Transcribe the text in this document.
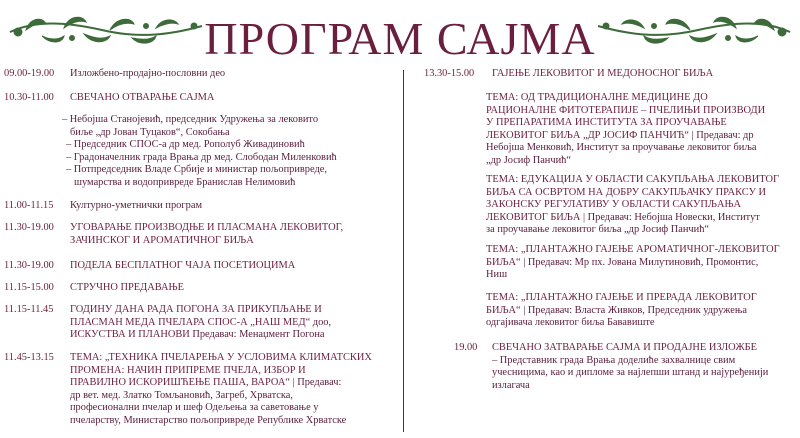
ПРОГРАМ САЈМА
09.00-19.00 Изложбено-продајно-пословни део
10.30-11.00 СВЕЧАНО ОТВАРАЊЕ САЈМА
– Небојша Станојевић, председник Удружења за лековито
биље „др Јован Туцаков“, Сокобања
– Председник СПОС-а др мед. Рополуб Живадиновић
– Градоначелник града Врања др мед. Слободан Миленковић
– Потпредседник Владе Србије и министар пољопривреде,
шумарства и водопривреде Бранислав Нелимовић
11.00-11.15 Културно-уметнички програм
11.30-19.00 УГОВАРАЊЕ ПРОИЗВОДЊЕ И ПЛАСМАНА ЛЕКОВИТОГ,
ЗАЧИНСКОГ И АРОМАТИЧНОГ БИЉА
11.30-19.00 ПОДЕЛА БЕСПЛАТНОГ ЧАЈА ПОСЕТИОЦИМА
11.15-15.00 СТРУЧНО ПРЕДАВАЊЕ
11.15-11.45 ГОДИНУ ДАНА РАДА ПОГОНА ЗА ПРИКУПЉАЊЕ И
ПЛАСМАН МЕДА ПЧЕЛАРА СПОС-А „НАШ МЕД“ доо,
ИСКУСТВА И ПЛАНОВИ Предавач: Менаџмент Погона
11.45-13.15 ТЕМА: „ТЕХНИКА ПЧЕЛАРЕЊА У УСЛОВИМА КЛИМАТСКИХ
ПРОМЕНА: НАЧИН ПРИПРЕМЕ ПЧЕЛА, ИЗБОР И
ПРАВИЛНО ИСКОРИШЋЕЊЕ ПАША, ВАРОА“ | Предавач:
др вет. мед. Златко Томљановић, Загреб, Хрватска,
професионални пчелар и шеф Одељења за саветовање у
пчеларству, Министарство пољопривреде Републике Хрватске
13.30-15.00 ГАЈЕЊЕ ЛЕКОВИТОГ И МЕДОНОСНОГ БИЉА
ТЕМА: ОД ТРАДИЦИОНАЛНЕ МЕДИЦИНЕ ДО
РАЦИОНАЛНЕ ФИТОТЕРАПИЈЕ – ПЧЕЛИЊИ ПРОИЗВОДИ
У ПРЕПАРАТИМА ИНСТИТУТА ЗА ПРОУЧАВАЊЕ
ЛЕКОВИТОГ БИЉА „ДР ЈОСИФ ПАНЧИЋ“ | Предавач: др
Небојша Менковић, Институт за проучавање лековитог биља
„др Јосиф Панчић“
ТЕМА: ЕДУКАЦИЈА У ОБЛАСТИ САКУПЉАЊА ЛЕКОВИТОГ
БИЉА СА ОСВРТОМ НА ДОБРУ САКУПЉАЧКУ ПРАКСУ И
ЗАКОНСКУ РЕГУЛАТИВУ У ОБЛАСТИ САКУПЉАЊА
ЛЕКОВИТОГ БИЉА | Предавач: Небојша Новески, Институт
за проучавање лековитог биља „др Јосиф Панчић“
ТЕМА: „ПЛАНТАЖНО ГАЈЕЊЕ АРОМАТИЧНОГ-ЛЕКОВИТОГ
БИЉА“ | Предавач: Мр пх. Јована Милутиновић, Промонтис,
Ниш
ТЕМА: „ПЛАНТАЖНО ГАЈЕЊЕ И ПРЕРАДА ЛЕКОВИТОГ
БИЉА“ | Предавач: Власта Живков, Председник удружења
одгајивача лековитог биља Бававиште
19.00 СВЕЧАНО ЗАТВАРАЊЕ САЈМА И ПРОДАЈНЕ ИЗЛОЖБЕ
– Представник града Врања доделиће захвалнице свим
учесницима, као и дипломе за најлепши штанд и најуређенији
излагача
